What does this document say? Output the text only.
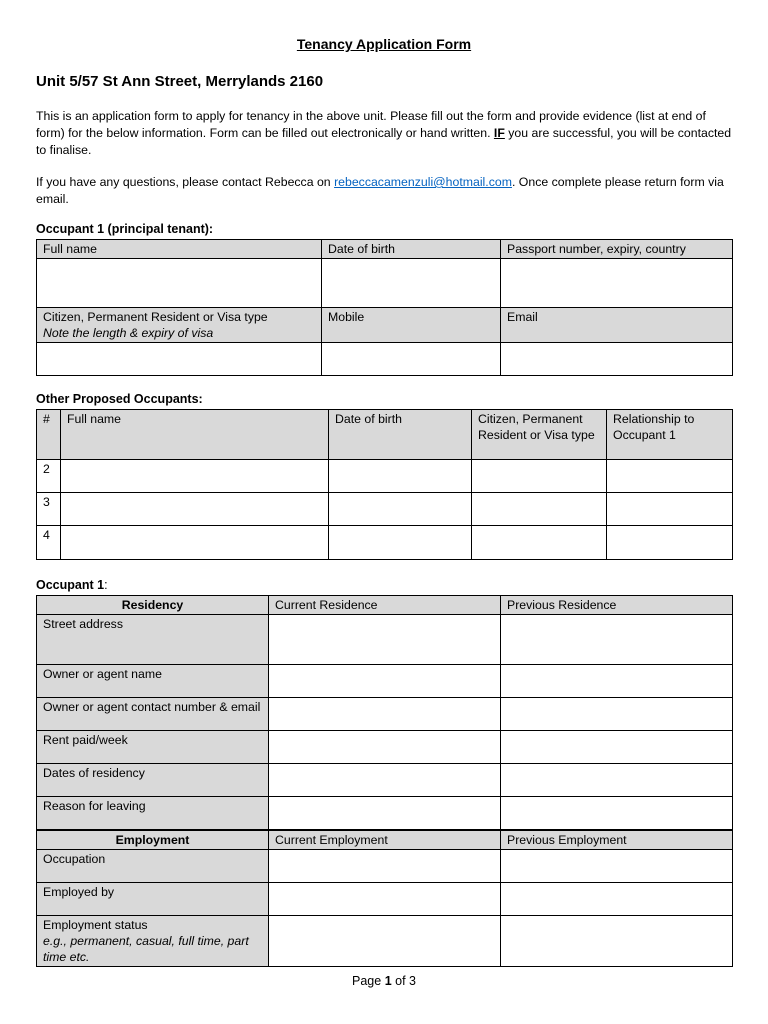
Tenancy Application Form
Unit 5/57 St Ann Street, Merrylands 2160
This is an application form to apply for tenancy in the above unit. Please fill out the form and provide evidence (list at end of form) for the below information. Form can be filled out electronically or hand written. IF you are successful, you will be contacted to finalise.
If you have any questions, please contact Rebecca on rebeccacamenzuli@hotmail.com. Once complete please return form via email.
Occupant 1 (principal tenant):
Full name	Date of birth	Passport number, expiry, country

Citizen, Permanent Resident or Visa type
Note the length & expiry of visa	Mobile	Email

Other Proposed Occupants:
#	Full name	Date of birth	Citizen, Permanent Resident or Visa type	Relationship to Occupant 1
2				
3				
4				
Occupant 1:
Residency	Current Residence	Previous Residence
Street address		
Owner or agent name		
Owner or agent contact number & email		
Rent paid/week		
Dates of residency		
Reason for leaving		
Employment	Current Employment	Previous Employment
Occupation		
Employed by		
Employment status
e.g., permanent, casual, full time, part time etc.		

Page 1 of 3
